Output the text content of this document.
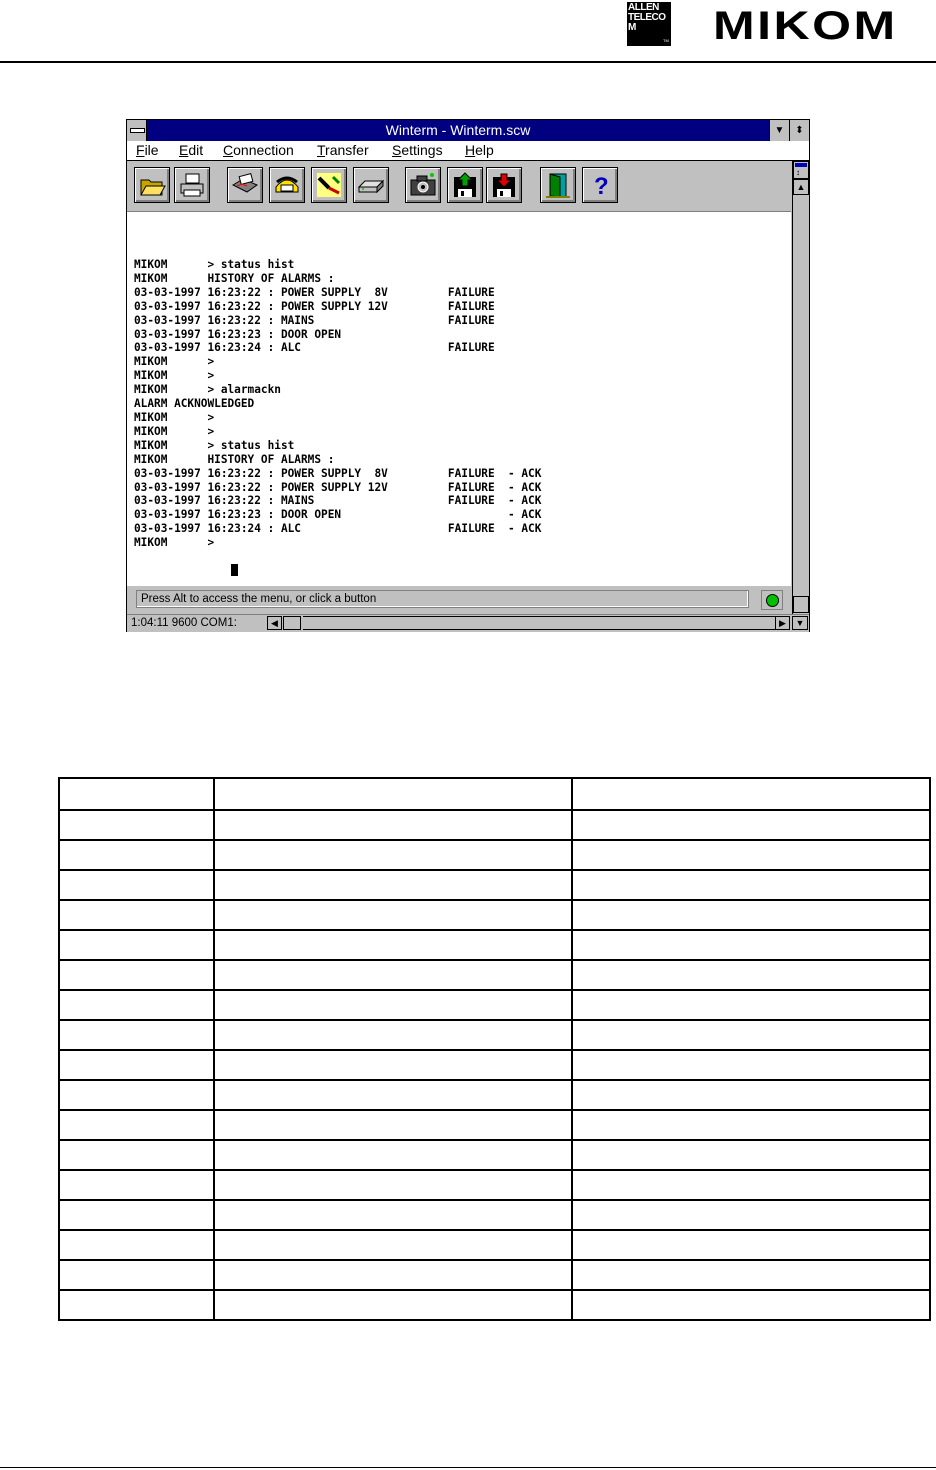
ALLEN TELECOM
TM MIKOM
Winterm - Winterm.scw	▼	⬍
File Edit Connection Transfer Settings Help
?
↕
▲
MIKOM      > status hist
MIKOM      HISTORY OF ALARMS :
03-03-1997 16:23:22 : POWER SUPPLY  8V         FAILURE
03-03-1997 16:23:22 : POWER SUPPLY 12V         FAILURE
03-03-1997 16:23:22 : MAINS                    FAILURE
03-03-1997 16:23:23 : DOOR OPEN
03-03-1997 16:23:24 : ALC                      FAILURE
MIKOM      >
MIKOM      >
MIKOM      > alarmackn
ALARM ACKNOWLEDGED
MIKOM      >
MIKOM      >
MIKOM      > status hist
MIKOM      HISTORY OF ALARMS :
03-03-1997 16:23:22 : POWER SUPPLY  8V         FAILURE  - ACK
03-03-1997 16:23:22 : POWER SUPPLY 12V         FAILURE  - ACK
03-03-1997 16:23:22 : MAINS                    FAILURE  - ACK
03-03-1997 16:23:23 : DOOR OPEN                         - ACK
03-03-1997 16:23:24 : ALC                      FAILURE  - ACK
MIKOM      >
Press Alt to access the menu, or click a button
1:04:11 9600 COM1:	◀	▶	▼
